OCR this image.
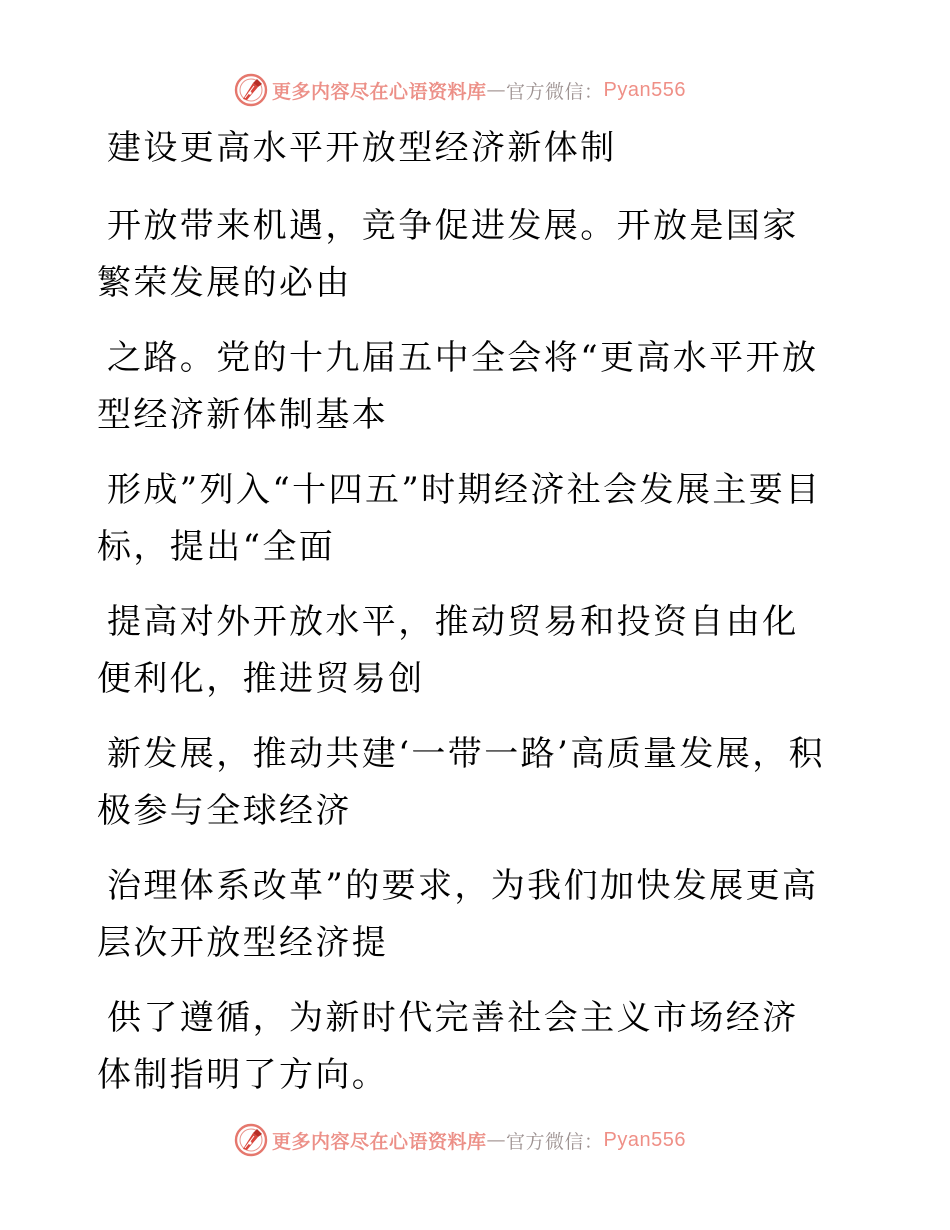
更多内容尽在心语资料库 — 官方微信： Pyan556

建设更高水平开放型经济新体制

开放带来机遇，竞争促进发展。开放是国家繁荣发展的必由

之路。党的十九届五中全会将“更高水平开放型经济新体制基本

形成”列入“十四五”时期经济社会发展主要目标，提出“全面

提高对外开放水平，推动贸易和投资自由化便利化，推进贸易创

新发展，推动共建‘一带一路’高质量发展，积极参与全球经济

治理体系改革”的要求，为我们加快发展更高层次开放型经济提

供了遵循，为新时代完善社会主义市场经济体制指明了方向。

更多内容尽在心语资料库 — 官方微信： Pyan556
